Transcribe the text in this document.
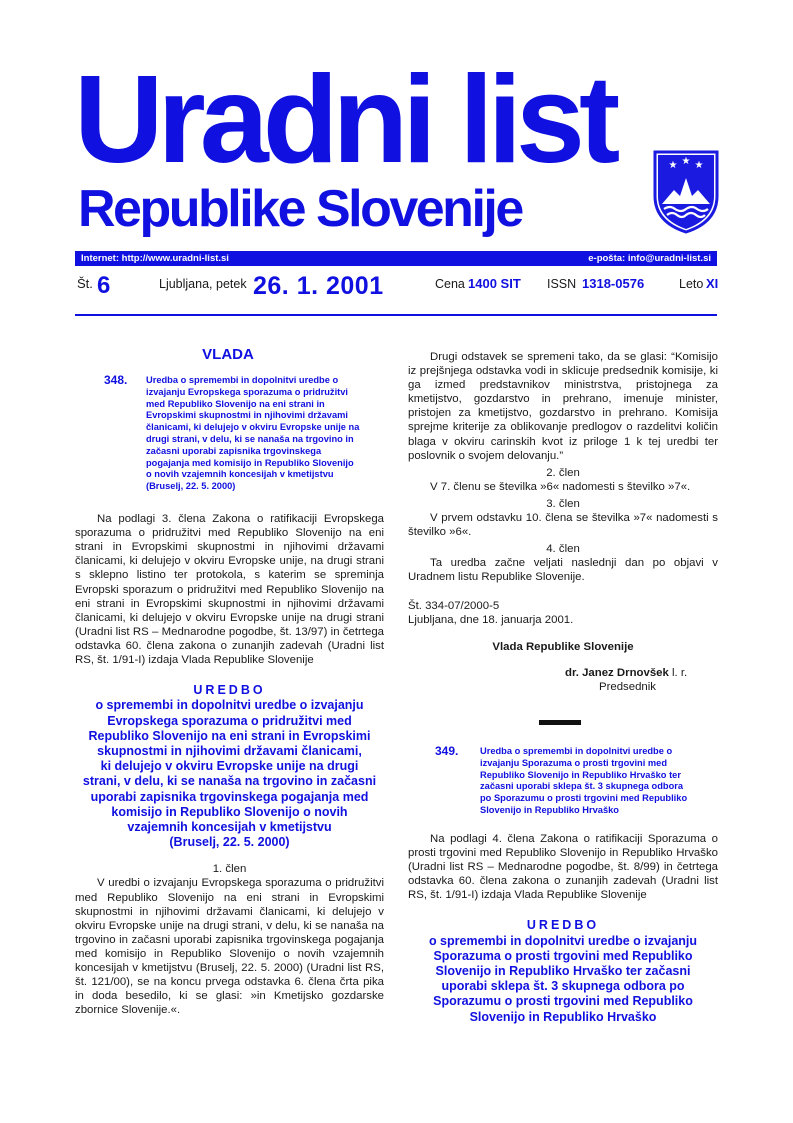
Uradni list
Republike Slovenije
★ ★ ★
Internet: http://www.uradni-list.si	e-pošta: info@uradni-list.si
Št. 6	Ljubljana, petek 26. 1. 2001	Cena 1400 SIT ISSN 1318-0576	Leto XI
VLADA
348. Uredba o spremembi in dopolnitvi uredbe o
izvajanju Evropskega sporazuma o pridružitvi
med Republiko Slovenijo na eni strani in
Evropskimi skupnostmi in njihovimi državami
članicami, ki delujejo v okviru Evropske unije na
drugi strani, v delu, ki se nanaša na trgovino in
začasni uporabi zapisnika trgovinskega
pogajanja med komisijo in Republiko Slovenijo
o novih vzajemnih koncesijah v kmetijstvu
(Bruselj, 22. 5. 2000)

Na podlagi 3. člena Zakona o ratifikaciji Evropskega sporazuma o pridružitvi med Republiko Slovenijo na eni strani in Evropskimi skupnostmi in njihovimi državami članicami, ki delujejo v okviru Evropske unije, na drugi strani s sklepno listino ter protokola, s katerim se spreminja Evropski sporazum o pridružitvi med Republiko Slovenijo na eni strani in Evropskimi skupnostmi in njihovimi državami članicami, ki delujejo v okviru Evropske unije na drugi strani (Uradni list RS – Mednarodne pogodbe, št. 13/97) in četrtega odstavka 60. člena zakona o zunanjih zadevah (Uradni list RS, št. 1/91-I) izdaja Vlada Republike Slovenije

UREDBO
o spremembi in dopolnitvi uredbe o izvajanju
Evropskega sporazuma o pridružitvi med
Republiko Slovenijo na eni strani in Evropskimi
skupnostmi in njihovimi državami članicami,
ki delujejo v okviru Evropske unije na drugi
strani, v delu, ki se nanaša na trgovino in začasni
uporabi zapisnika trgovinskega pogajanja med
komisijo in Republiko Slovenijo o novih
vzajemnih koncesijah v kmetijstvu
(Bruselj, 22. 5. 2000)

1. člen

V uredbi o izvajanju Evropskega sporazuma o pridružitvi med Republiko Slovenijo na eni strani in Evropskimi skupnostmi in njihovimi državami članicami, ki delujejo v okviru Evropske unije na drugi strani, v delu, ki se nanaša na trgovino in začasni uporabi zapisnika trgovinskega pogajanja med komisijo in Republiko Slovenijo o novih vzajemnih koncesijah v kmetijstvu (Bruselj, 22. 5. 2000) (Uradni list RS, št. 121/00), se na koncu prvega odstavka 6. člena črta pika in doda besedilo, ki se glasi: »in Kmetijsko gozdarske zbornice Slovenije.«.

Drugi odstavek se spremeni tako, da se glasi: “Komisijo iz prejšnjega odstavka vodi in sklicuje predsednik komisije, ki ga izmed predstavnikov ministrstva, pristojnega za kmetijstvo, gozdarstvo in prehrano, imenuje minister, pristojen za kmetijstvo, gozdarstvo in prehrano. Komisija sprejme kriterije za oblikovanje predlogov o razdelitvi količin blaga v okviru carinskih kvot iz priloge 1 k tej uredbi ter poslovnik o svojem delovanju.”

2. člen

V 7. členu se številka »6« nadomesti s številko »7«.

3. člen

V prvem odstavku 10. člena se številka »7« nadomesti s številko »6«.

4. člen

Ta uredba začne veljati naslednji dan po objavi v Uradnem listu Republike Slovenije.

Št. 334-07/2000-5

Ljubljana, dne 18. januarja 2001.

Vlada Republike Slovenije

dr. Janez Drnovšek l. r.

Predsednik

349. Uredba o spremembi in dopolnitvi uredbe o
izvajanju Sporazuma o prosti trgovini med
Republiko Slovenijo in Republiko Hrvaško ter
začasni uporabi sklepa št. 3 skupnega odbora
po Sporazumu o prosti trgovini med Republiko
Slovenijo in Republiko Hrvaško

Na podlagi 4. člena Zakona o ratifikaciji Sporazuma o prosti trgovini med Republiko Slovenijo in Republiko Hrvaško (Uradni list RS – Mednarodne pogodbe, št. 8/99) in četrtega odstavka 60. člena zakona o zunanjih zadevah (Uradni list RS, št. 1/91-I) izdaja Vlada Republike Slovenije

UREDBO
o spremembi in dopolnitvi uredbe o izvajanju
Sporazuma o prosti trgovini med Republiko
Slovenijo in Republiko Hrvaško ter začasni
uporabi sklepa št. 3 skupnega odbora po
Sporazumu o prosti trgovini med Republiko
Slovenijo in Republiko Hrvaško
